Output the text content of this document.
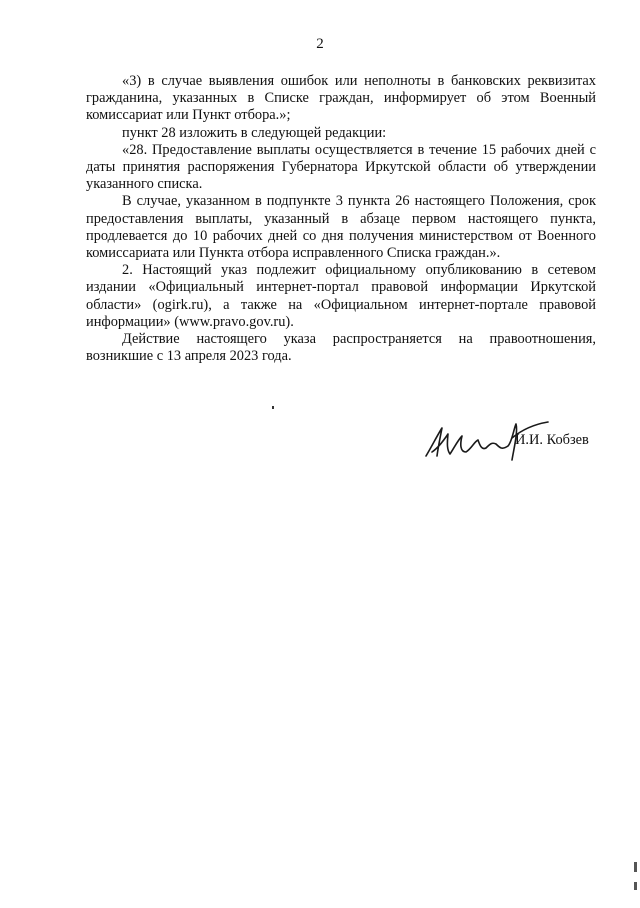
2

«3) в случае выявления ошибок или неполноты в банковских реквизитах гражданина, указанных в Списке граждан, информирует об этом Военный комиссариат или Пункт отбора.»;

пункт 28 изложить в следующей редакции:

«28. Предоставление выплаты осуществляется в течение 15 рабочих дней с даты принятия распоряжения Губернатора Иркутской области об утверждении указанного списка.

В случае, указанном в подпункте 3 пункта 26 настоящего Положения, срок предоставления выплаты, указанный в абзаце первом настоящего пункта, продлевается до 10 рабочих дней со дня получения министерством от Военного комиссариата или Пункта отбора исправленного Списка граждан.».

2. Настоящий указ подлежит официальному опубликованию в сетевом издании «Официальный интернет-портал правовой информации Иркутской области» (ogirk.ru), а также на «Официальном интернет-портале правовой информации» (www.pravo.gov.ru).

Действие настоящего указа распространяется на правоотношения, возникшие с 13 апреля 2023 года.

И.И. Кобзев
